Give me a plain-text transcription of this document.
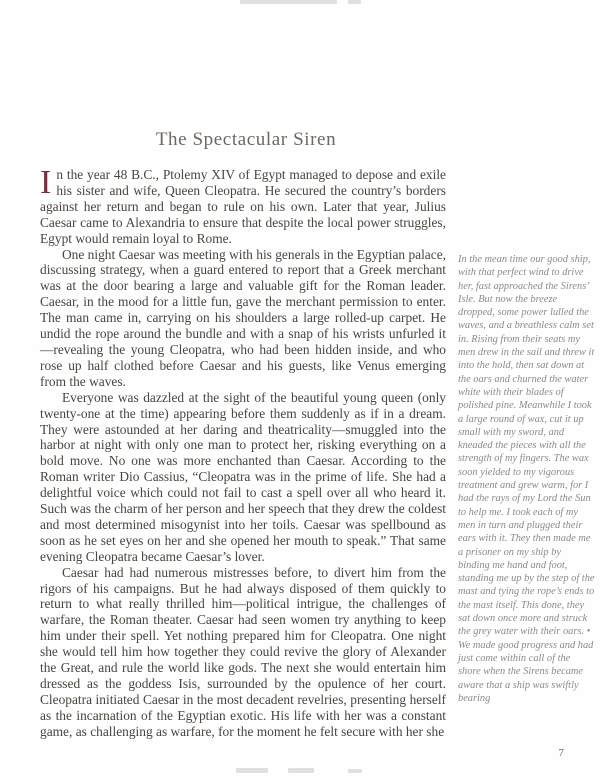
The Spectacular Siren

In the year 48 B.C., Ptolemy XIV of Egypt managed to depose and exile his sister and wife, Queen Cleopatra. He secured the country’s borders against her return and began to rule on his own. Later that year, Julius Caesar came to Alexandria to ensure that despite the local power struggles, Egypt would remain loyal to Rome.

One night Caesar was meeting with his generals in the Egyptian palace, discussing strategy, when a guard entered to report that a Greek merchant was at the door bearing a large and valuable gift for the Roman leader. Caesar, in the mood for a little fun, gave the merchant permission to enter. The man came in, carrying on his shoulders a large rolled-up carpet. He undid the rope around the bundle and with a snap of his wrists unfurled it—revealing the young Cleopatra, who had been hidden inside, and who rose up half clothed before Caesar and his guests, like Venus emerging from the waves.

Everyone was dazzled at the sight of the beautiful young queen (only twenty-one at the time) appearing before them suddenly as if in a dream. They were astounded at her daring and theatricality—smuggled into the harbor at night with only one man to protect her, risking everything on a bold move. No one was more enchanted than Caesar. According to the Roman writer Dio Cassius, “Cleopatra was in the prime of life. She had a delightful voice which could not fail to cast a spell over all who heard it. Such was the charm of her person and her speech that they drew the coldest and most determined misogynist into her toils. Caesar was spellbound as soon as he set eyes on her and she opened her mouth to speak.” That same evening Cleopatra became Caesar’s lover.

Caesar had had numerous mistresses before, to divert him from the rigors of his campaigns. But he had always disposed of them quickly to return to what really thrilled him—political intrigue, the challenges of warfare, the Roman theater. Caesar had seen women try anything to keep him under their spell. Yet nothing prepared him for Cleopatra. One night she would tell him how together they could revive the glory of Alexander the Great, and rule the world like gods. The next she would entertain him dressed as the goddess Isis, surrounded by the opulence of her court. Cleopatra initiated Caesar in the most decadent revelries, presenting herself as the incarnation of the Egyptian exotic. His life with her was a constant game, as challenging as warfare, for the moment he felt secure with her she

In the mean time our good ship, with that perfect wind to drive her, fast approached the Sirens’ Isle. But now the breeze dropped, some power lulled the waves, and a breathless calm set in. Rising from their seats my men drew in the sail and threw it into the hold, then sat down at the oars and churned the water white with their blades of polished pine. Meanwhile I took a large round of wax, cut it up small with my sword, and kneaded the pieces with all the strength of my fingers. The wax soon yielded to my vigorous treatment and grew warm, for I had the rays of my Lord the Sun to help me. I took each of my men in turn and plugged their ears with it. They then made me a prisoner on my ship by binding me hand and foot, standing me up by the step of the mast and tying the rope’s ends to the mast itself. This done, they sat down once more and struck the grey water with their oars. • We made good progress and had just come within call of the shore when the Sirens became aware that a ship was swiftly bearing
7
